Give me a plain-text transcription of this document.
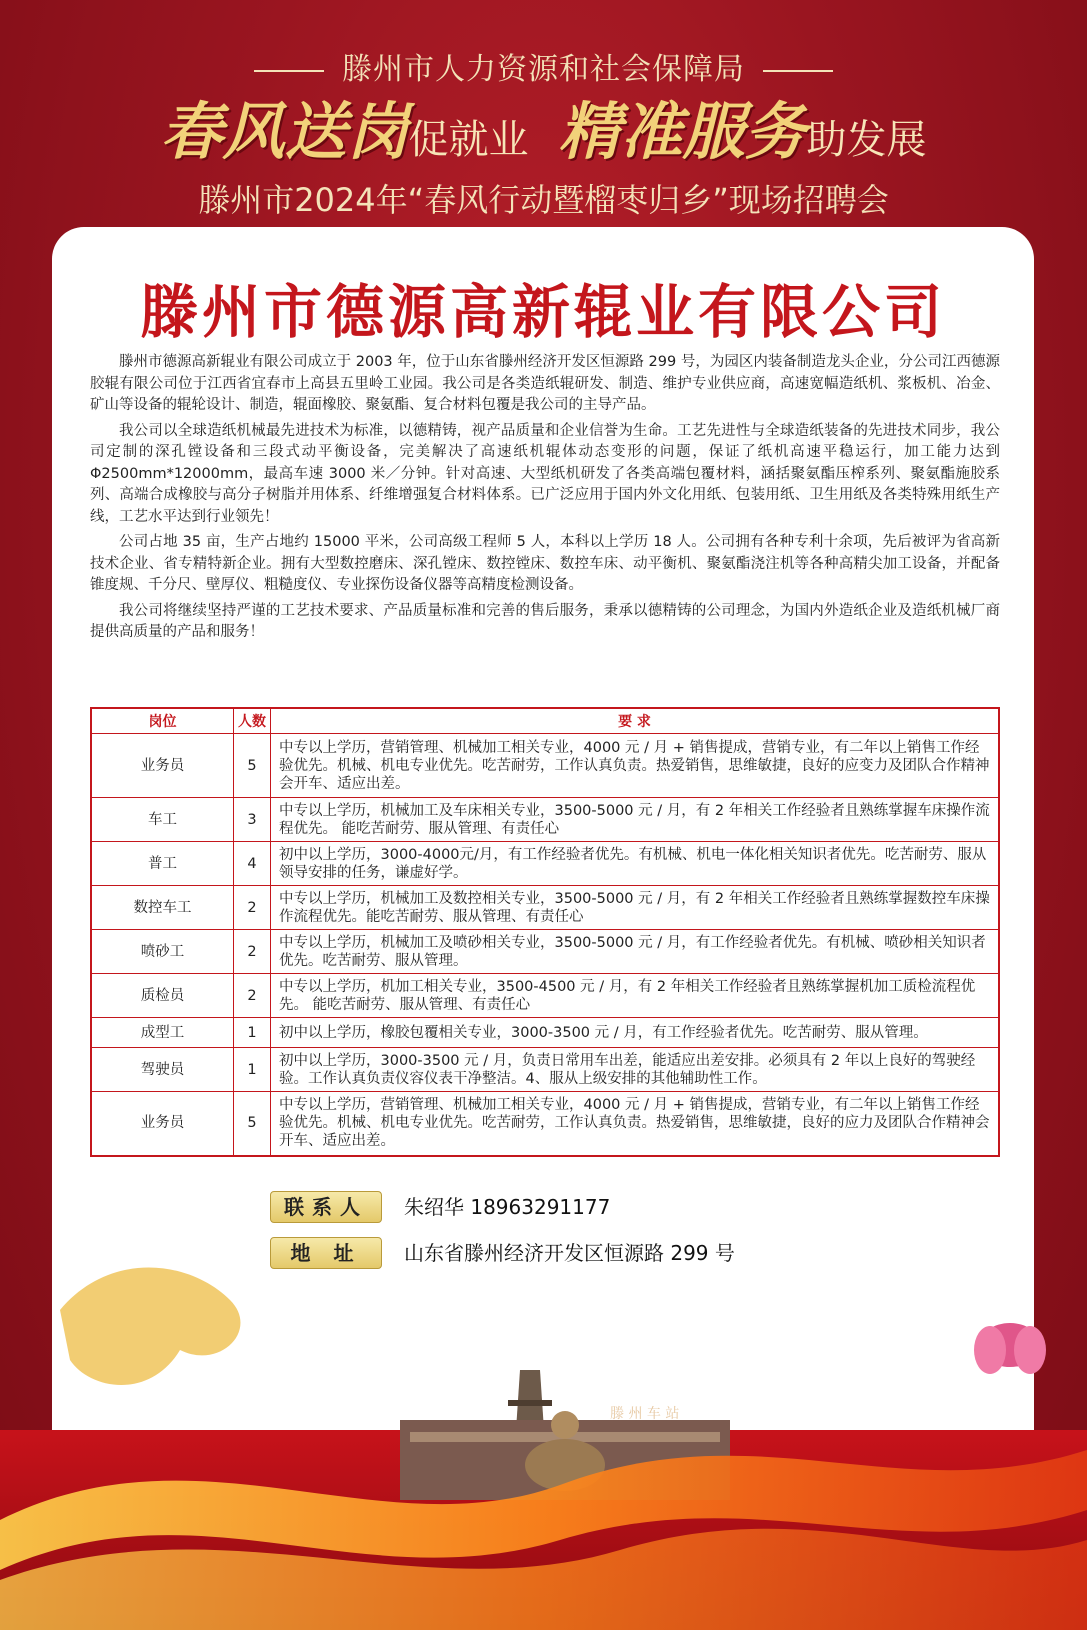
滕州市人力资源和社会保障局
春风送岗促就业 精准服务助发展
滕州市2024年“春风行动暨榴枣归乡”现场招聘会
滕州市德源高新辊业有限公司

滕州市德源高新辊业有限公司成立于 2003 年，位于山东省滕州经济开发区恒源路 299 号，为园区内装备制造龙头企业，分公司江西德源胶辊有限公司位于江西省宜春市上高县五里岭工业园。我公司是各类造纸辊研发、制造、维护专业供应商，高速宽幅造纸机、浆板机、冶金、矿山等设备的辊轮设计、制造，辊面橡胶、聚氨酯、复合材料包覆是我公司的主导产品。

我公司以全球造纸机械最先进技术为标准，以德精铸，视产品质量和企业信誉为生命。工艺先进性与全球造纸装备的先进技术同步，我公司定制的深孔镗设备和三段式动平衡设备，完美解决了高速纸机辊体动态变形的问题，保证了纸机高速平稳运行，加工能力达到 Φ2500mm*12000mm，最高车速 3000 米／分钟。针对高速、大型纸机研发了各类高端包覆材料，涵括聚氨酯压榨系列、聚氨酯施胶系列、高端合成橡胶与高分子树脂并用体系、纤维增强复合材料体系。已广泛应用于国内外文化用纸、包装用纸、卫生用纸及各类特殊用纸生产线，工艺水平达到行业领先！

公司占地 35 亩，生产占地约 15000 平米，公司高级工程师 5 人，本科以上学历 18 人。公司拥有各种专利十余项，先后被评为省高新技术企业、省专精特新企业。拥有大型数控磨床、深孔镗床、数控镗床、数控车床、动平衡机、聚氨酯浇注机等各种高精尖加工设备，并配备锥度规、千分尺、壁厚仪、粗糙度仪、专业探伤设备仪器等高精度检测设备。

我公司将继续坚持严谨的工艺技术要求、产品质量标准和完善的售后服务，秉承以德精铸的公司理念，为国内外造纸企业及造纸机械厂商提供高质量的产品和服务！

岗位	人数	要 求
业务员	5	中专以上学历，营销管理、机械加工相关专业，4000 元 / 月 + 销售提成，营销专业，有二年以上销售工作经验优先。机械、机电专业优先。吃苦耐劳，工作认真负责。热爱销售，思维敏捷，良好的应变力及团队合作精神会开车、适应出差。
车工	3	中专以上学历，机械加工及车床相关专业，3500-5000 元 / 月，有 2 年相关工作经验者且熟练掌握车床操作流程优先。 能吃苦耐劳、服从管理、有责任心
普工	4	初中以上学历，3000-4000元/月，有工作经验者优先。有机械、机电一体化相关知识者优先。吃苦耐劳、服从领导安排的任务，谦虚好学。
数控车工	2	中专以上学历，机械加工及数控相关专业，3500-5000 元 / 月，有 2 年相关工作经验者且熟练掌握数控车床操作流程优先。能吃苦耐劳、服从管理、有责任心
喷砂工	2	中专以上学历，机械加工及喷砂相关专业，3500-5000 元 / 月，有工作经验者优先。有机械、喷砂相关知识者优先。吃苦耐劳、服从管理。
质检员	2	中专以上学历，机加工相关专业，3500-4500 元 / 月，有 2 年相关工作经验者且熟练掌握机加工质检流程优先。 能吃苦耐劳、服从管理、有责任心
成型工	1	初中以上学历，橡胶包覆相关专业，3000-3500 元 / 月，有工作经验者优先。吃苦耐劳、服从管理。
驾驶员	1	初中以上学历，3000-3500 元 / 月，负责日常用车出差，能适应出差安排。必须具有 2 年以上良好的驾驶经验。工作认真负责仪容仪表干净整洁。4、服从上级安排的其他辅助性工作。
业务员	5	中专以上学历，营销管理、机械加工相关专业，4000 元 / 月 + 销售提成，营销专业，有二年以上销售工作经验优先。机械、机电专业优先。吃苦耐劳，工作认真负责。热爱销售，思维敏捷，良好的应力及团队合作精神会开车、适应出差。
滕 州 车 站
联系人 朱绍华 18963291177
地 址 山东省滕州经济开发区恒源路 299 号
